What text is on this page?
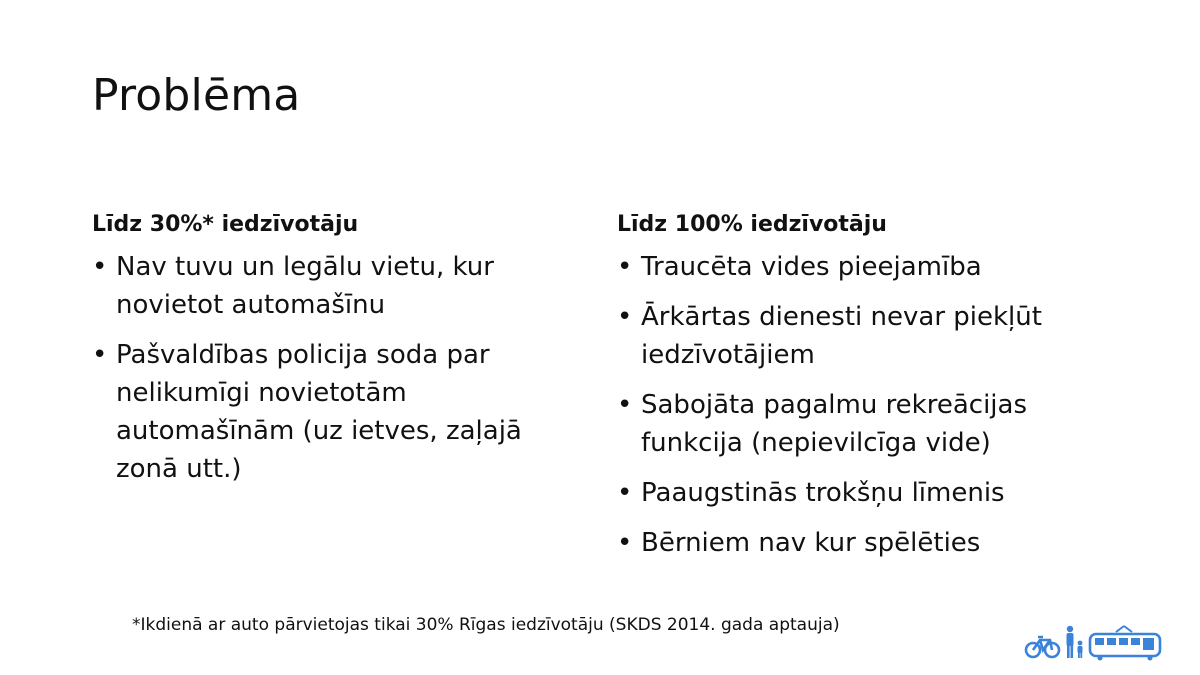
Problēma
Līdz 30%* iedzīvotāju
• Nav tuvu un legālu vietu, kur novietot automašīnu
• Pašvaldības policija soda par nelikumīgi novietotām automašīnām (uz ietves, zaļajā zonā utt.)
Līdz 100% iedzīvotāju
• Traucēta vides pieejamība
• Ārkārtas dienesti nevar piekļūt iedzīvotājiem
• Sabojāta pagalmu rekreācijas funkcija (nepievilcīga vide)
• Paaugstinās trokšņu līmenis
• Bērniem nav kur spēlēties
*Ikdienā ar auto pārvietojas tikai 30% Rīgas iedzīvotāju (SKDS 2014. gada aptauja)
